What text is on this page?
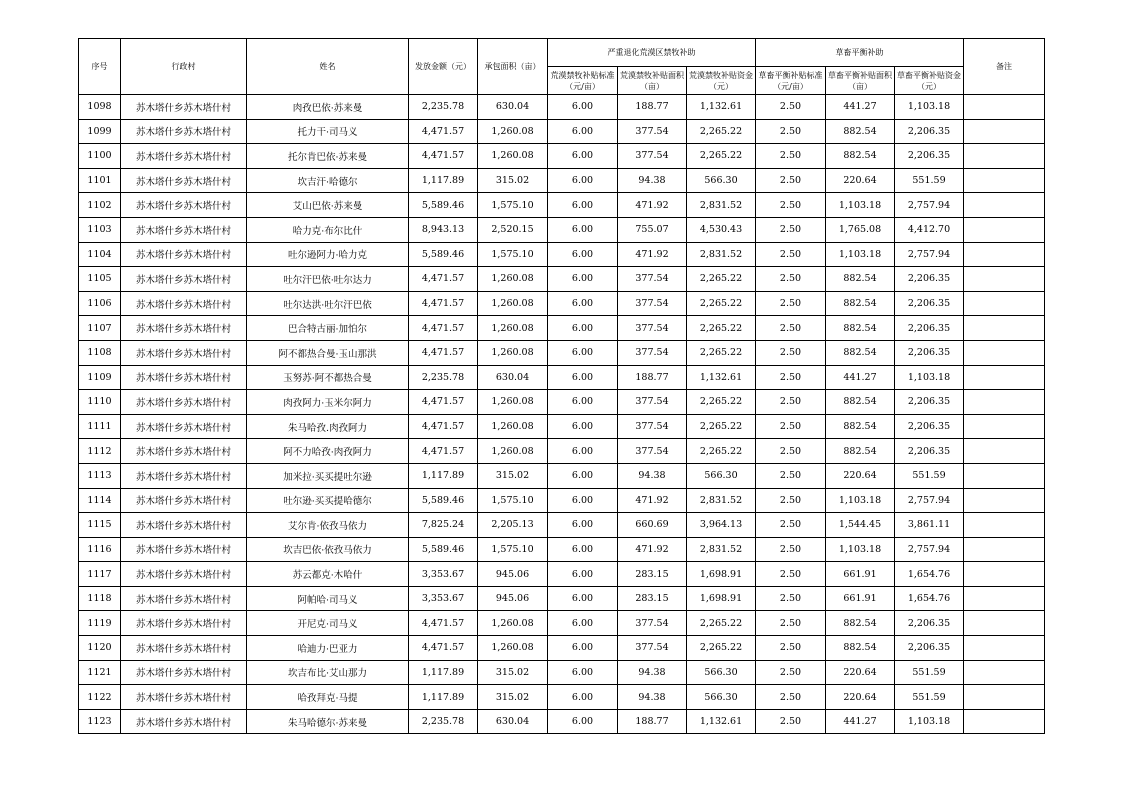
序号	行政村	姓名	发放金额（元）	承包面积（亩）	严重退化荒漠区禁牧补助			草畜平衡补助			备注
					荒漠禁牧补贴标准（元/亩）	荒漠禁牧补贴面积（亩）	荒漠禁牧补贴资金（元）	草畜平衡补贴标准（元/亩）	草畜平衡补贴面积（亩）	草畜平衡补贴资金（元）	
1098	苏木塔什乡苏木塔什村	肉孜巴依·苏来曼	2,235.78	630.04	6.00	188.77	1,132.61	2.50	441.27	1,103.18	
1099	苏木塔什乡苏木塔什村	托力干·司马义	4,471.57	1,260.08	6.00	377.54	2,265.22	2.50	882.54	2,206.35	
1100	苏木塔什乡苏木塔什村	托尔肯巴依·苏来曼	4,471.57	1,260.08	6.00	377.54	2,265.22	2.50	882.54	2,206.35	
1101	苏木塔什乡苏木塔什村	坎吉汗·哈德尔	1,117.89	315.02	6.00	94.38	566.30	2.50	220.64	551.59	
1102	苏木塔什乡苏木塔什村	艾山巴依·苏来曼	5,589.46	1,575.10	6.00	471.92	2,831.52	2.50	1,103.18	2,757.94	
1103	苏木塔什乡苏木塔什村	哈力克·布尔比什	8,943.13	2,520.15	6.00	755.07	4,530.43	2.50	1,765.08	4,412.70	
1104	苏木塔什乡苏木塔什村	吐尔逊阿力·哈力克	5,589.46	1,575.10	6.00	471.92	2,831.52	2.50	1,103.18	2,757.94	
1105	苏木塔什乡苏木塔什村	吐尔汗巴依·吐尔达力	4,471.57	1,260.08	6.00	377.54	2,265.22	2.50	882.54	2,206.35	
1106	苏木塔什乡苏木塔什村	吐尔达洪·吐尔汗巴依	4,471.57	1,260.08	6.00	377.54	2,265.22	2.50	882.54	2,206.35	
1107	苏木塔什乡苏木塔什村	巴合特古丽·加怕尔	4,471.57	1,260.08	6.00	377.54	2,265.22	2.50	882.54	2,206.35	
1108	苏木塔什乡苏木塔什村	阿不都热合曼·玉山那洪	4,471.57	1,260.08	6.00	377.54	2,265.22	2.50	882.54	2,206.35	
1109	苏木塔什乡苏木塔什村	玉努苏·阿不都热合曼	2,235.78	630.04	6.00	188.77	1,132.61	2.50	441.27	1,103.18	
1110	苏木塔什乡苏木塔什村	肉孜阿力·玉米尔阿力	4,471.57	1,260.08	6.00	377.54	2,265.22	2.50	882.54	2,206.35	
1111	苏木塔什乡苏木塔什村	朱马哈孜.肉孜阿力	4,471.57	1,260.08	6.00	377.54	2,265.22	2.50	882.54	2,206.35	
1112	苏木塔什乡苏木塔什村	阿不力哈孜·肉孜阿力	4,471.57	1,260.08	6.00	377.54	2,265.22	2.50	882.54	2,206.35	
1113	苏木塔什乡苏木塔什村	加米拉·买买提吐尔逊	1,117.89	315.02	6.00	94.38	566.30	2.50	220.64	551.59	
1114	苏木塔什乡苏木塔什村	吐尔逊·买买提哈德尔	5,589.46	1,575.10	6.00	471.92	2,831.52	2.50	1,103.18	2,757.94	
1115	苏木塔什乡苏木塔什村	艾尔肯·依孜马依力	7,825.24	2,205.13	6.00	660.69	3,964.13	2.50	1,544.45	3,861.11	
1116	苏木塔什乡苏木塔什村	坎吉巴依·依孜马依力	5,589.46	1,575.10	6.00	471.92	2,831.52	2.50	1,103.18	2,757.94	
1117	苏木塔什乡苏木塔什村	苏云都克·木哈什	3,353.67	945.06	6.00	283.15	1,698.91	2.50	661.91	1,654.76	
1118	苏木塔什乡苏木塔什村	阿帕哈·司马义	3,353.67	945.06	6.00	283.15	1,698.91	2.50	661.91	1,654.76	
1119	苏木塔什乡苏木塔什村	开尼克·司马义	4,471.57	1,260.08	6.00	377.54	2,265.22	2.50	882.54	2,206.35	
1120	苏木塔什乡苏木塔什村	哈迪力·巴亚力	4,471.57	1,260.08	6.00	377.54	2,265.22	2.50	882.54	2,206.35	
1121	苏木塔什乡苏木塔什村	坎吉布比·艾山那力	1,117.89	315.02	6.00	94.38	566.30	2.50	220.64	551.59	
1122	苏木塔什乡苏木塔什村	哈孜拜克·马提	1,117.89	315.02	6.00	94.38	566.30	2.50	220.64	551.59	
1123	苏木塔什乡苏木塔什村	朱马哈德尔·苏来曼	2,235.78	630.04	6.00	188.77	1,132.61	2.50	441.27	1,103.18	
